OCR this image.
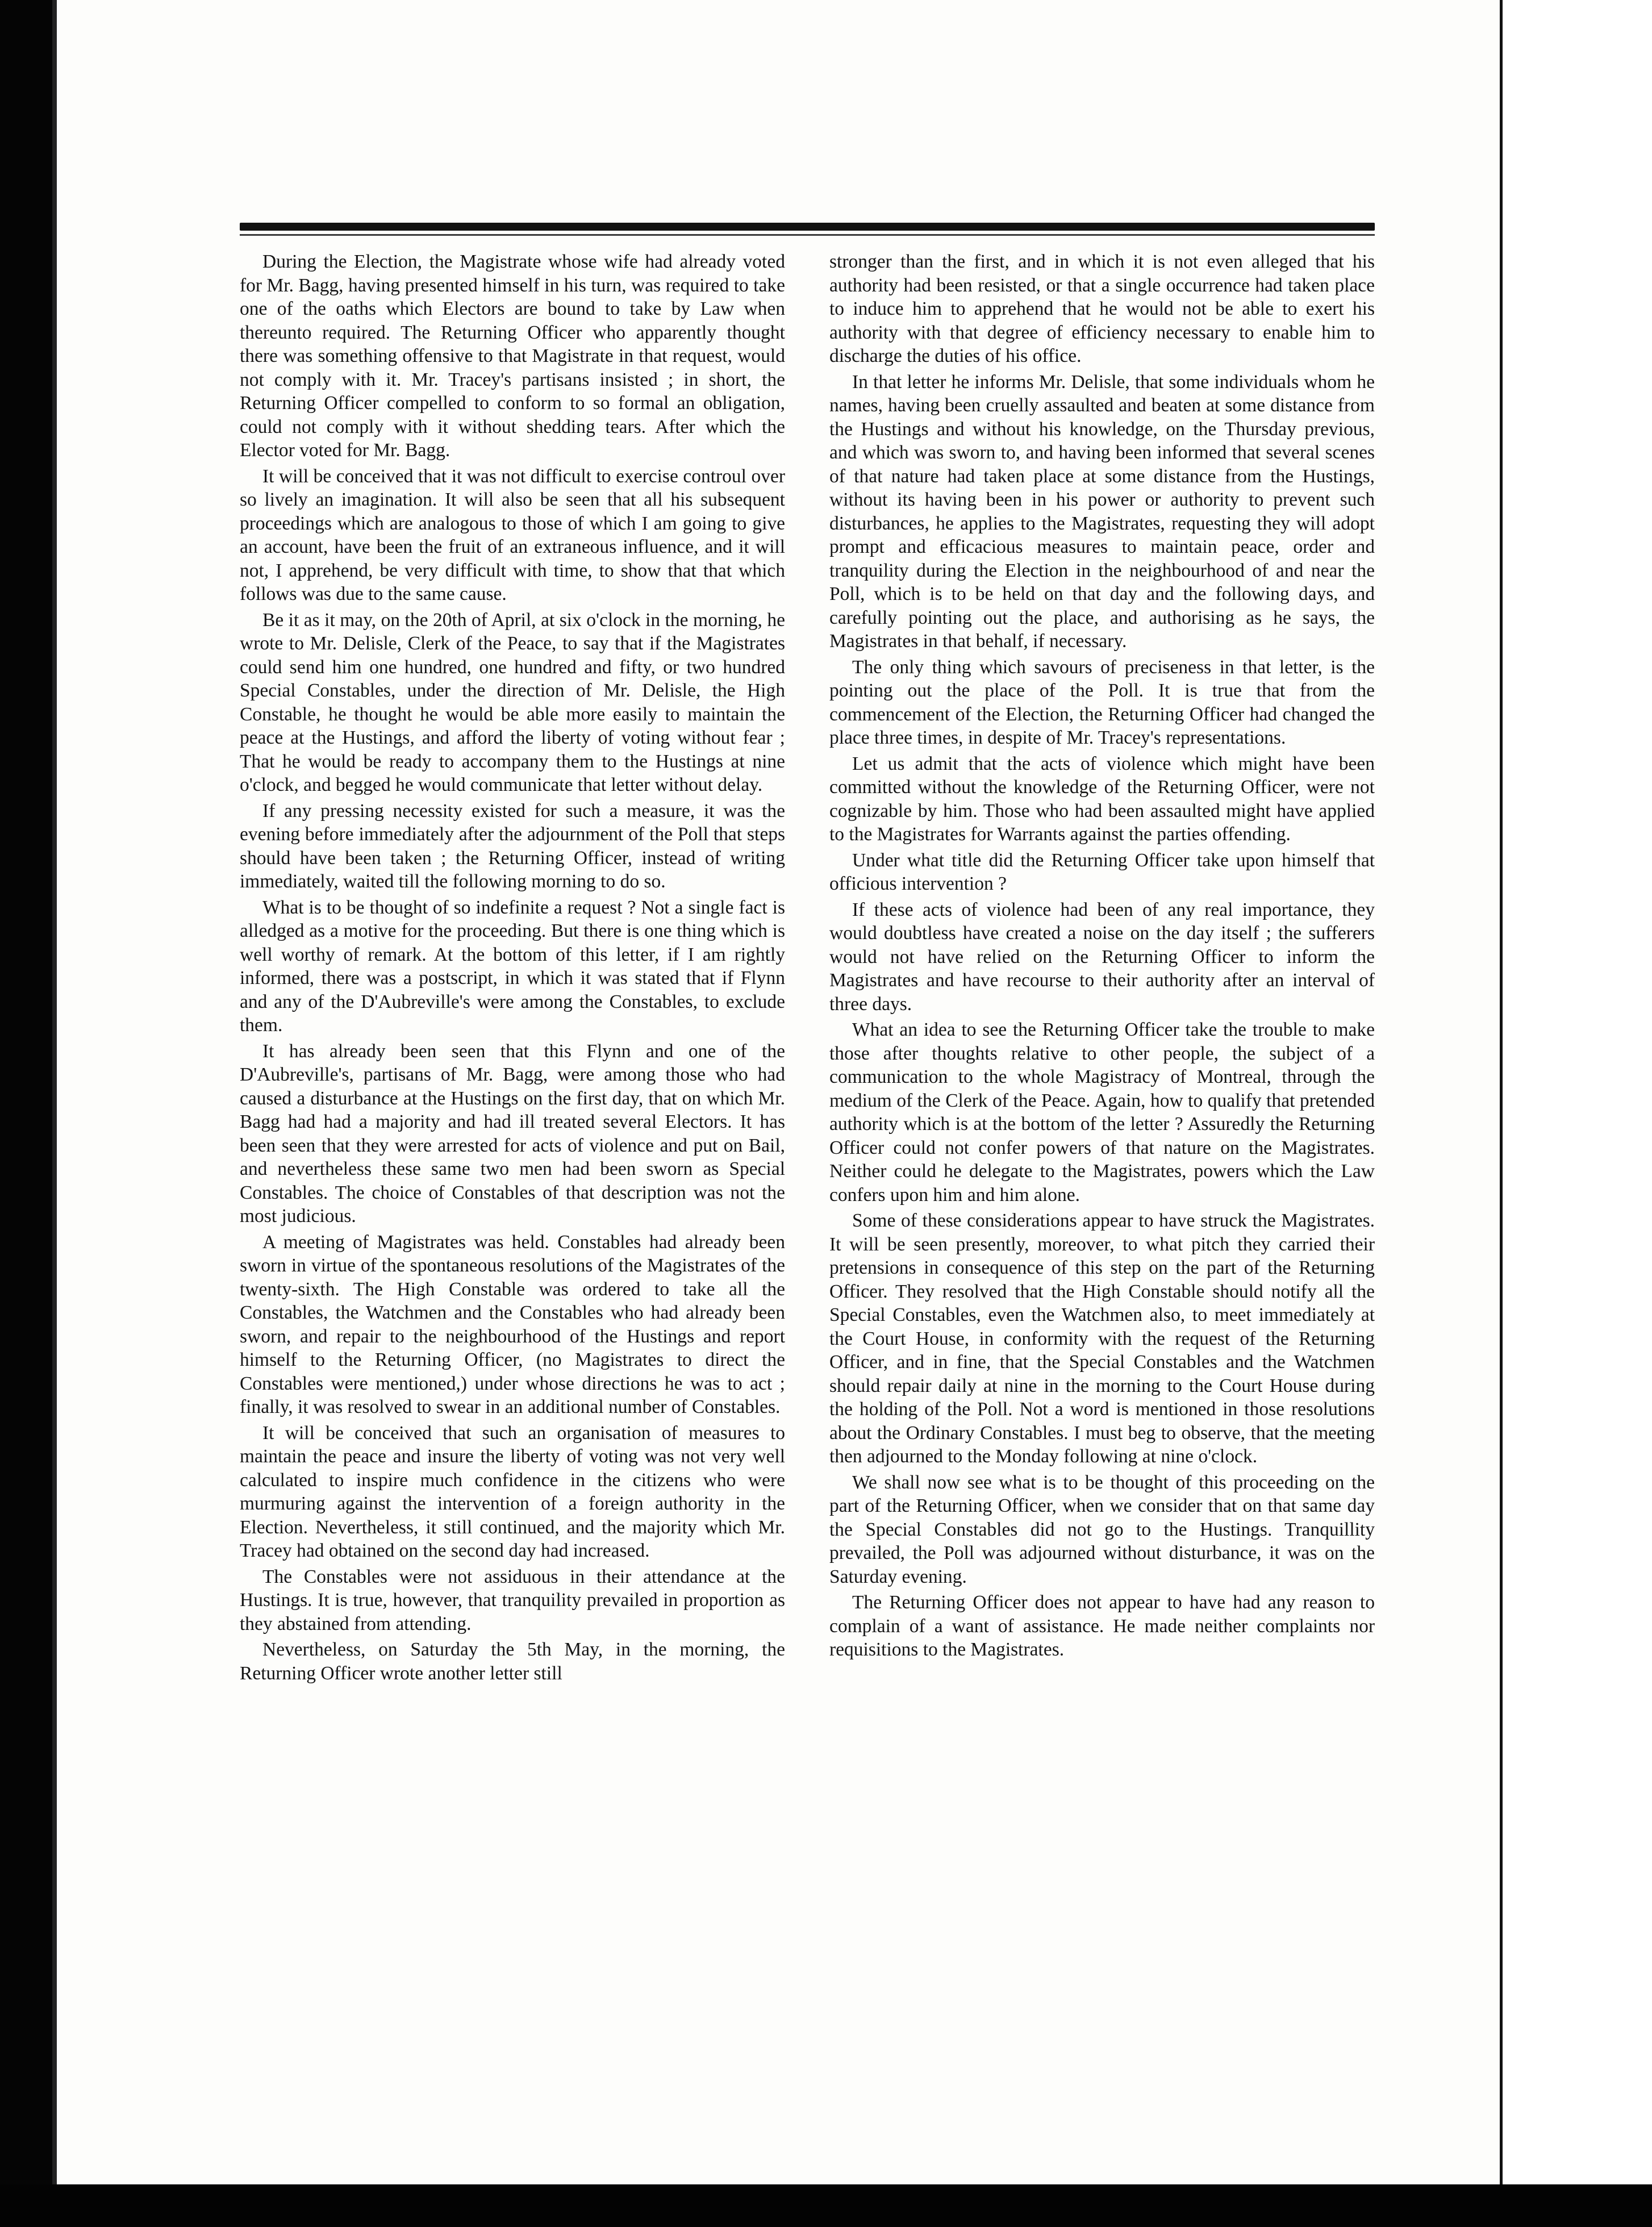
During the Election, the Magistrate whose wife had already voted for Mr. Bagg, having presented himself in his turn, was required to take one of the oaths which Electors are bound to take by Law when thereunto required. The Returning Officer who apparently thought there was something offensive to that Magistrate in that request, would not comply with it. Mr. Tracey's partisans insisted ; in short, the Returning Officer compelled to conform to so formal an obligation, could not comply with it without shedding tears. After which the Elector voted for Mr. Bagg.

It will be conceived that it was not difficult to exercise controul over so lively an imagination. It will also be seen that all his subsequent proceedings which are analogous to those of which I am going to give an account, have been the fruit of an extraneous influence, and it will not, I apprehend, be very difficult with time, to show that that which follows was due to the same cause.

Be it as it may, on the 20th of April, at six o'clock in the morning, he wrote to Mr. Delisle, Clerk of the Peace, to say that if the Magistrates could send him one hundred, one hundred and fifty, or two hundred Special Constables, under the direction of Mr. Delisle, the High Constable, he thought he would be able more easily to maintain the peace at the Hustings, and afford the liberty of voting without fear ; That he would be ready to accompany them to the Hustings at nine o'clock, and begged he would communicate that letter without delay.

If any pressing necessity existed for such a measure, it was the evening before immediately after the adjournment of the Poll that steps should have been taken ; the Returning Officer, instead of writing immediately, waited till the following morning to do so.

What is to be thought of so indefinite a request ? Not a single fact is alledged as a motive for the proceeding. But there is one thing which is well worthy of remark. At the bottom of this letter, if I am rightly informed, there was a postscript, in which it was stated that if Flynn and any of the D'Aubreville's were among the Constables, to exclude them.

It has already been seen that this Flynn and one of the D'Aubreville's, partisans of Mr. Bagg, were among those who had caused a disturbance at the Hustings on the first day, that on which Mr. Bagg had had a majority and had ill treated several Electors. It has been seen that they were arrested for acts of violence and put on Bail, and nevertheless these same two men had been sworn as Special Constables. The choice of Constables of that description was not the most judicious.

A meeting of Magistrates was held. Constables had already been sworn in virtue of the spontaneous resolutions of the Magistrates of the twenty-sixth. The High Constable was ordered to take all the Constables, the Watchmen and the Constables who had already been sworn, and repair to the neighbourhood of the Hustings and report himself to the Returning Officer, (no Magistrates to direct the Constables were mentioned,) under whose directions he was to act ; finally, it was resolved to swear in an additional number of Constables.

It will be conceived that such an organisation of measures to maintain the peace and insure the liberty of voting was not very well calculated to inspire much confidence in the citizens who were murmuring against the intervention of a foreign authority in the Election. Nevertheless, it still continued, and the majority which Mr. Tracey had obtained on the second day had increased.

The Constables were not assiduous in their attendance at the Hustings. It is true, however, that tranquility prevailed in proportion as they abstained from attending.

Nevertheless, on Saturday the 5th May, in the morning, the Returning Officer wrote another letter still

stronger than the first, and in which it is not even alleged that his authority had been resisted, or that a single occurrence had taken place to induce him to apprehend that he would not be able to exert his authority with that degree of efficiency necessary to enable him to discharge the duties of his office.

In that letter he informs Mr. Delisle, that some individuals whom he names, having been cruelly assaulted and beaten at some distance from the Hustings and without his knowledge, on the Thursday previous, and which was sworn to, and having been informed that several scenes of that nature had taken place at some distance from the Hustings, without its having been in his power or authority to prevent such disturbances, he applies to the Magistrates, requesting they will adopt prompt and efficacious measures to maintain peace, order and tranquility during the Election in the neighbourhood of and near the Poll, which is to be held on that day and the following days, and carefully pointing out the place, and authorising as he says, the Magistrates in that behalf, if necessary.

The only thing which savours of preciseness in that letter, is the pointing out the place of the Poll. It is true that from the commencement of the Election, the Returning Officer had changed the place three times, in despite of Mr. Tracey's representations.

Let us admit that the acts of violence which might have been committed without the knowledge of the Returning Officer, were not cognizable by him. Those who had been assaulted might have applied to the Magistrates for Warrants against the parties offending.

Under what title did the Returning Officer take upon himself that officious intervention ?

If these acts of violence had been of any real importance, they would doubtless have created a noise on the day itself ; the sufferers would not have relied on the Returning Officer to inform the Magistrates and have recourse to their authority after an interval of three days.

What an idea to see the Returning Officer take the trouble to make those after thoughts relative to other people, the subject of a communication to the whole Magistracy of Montreal, through the medium of the Clerk of the Peace. Again, how to qualify that pretended authority which is at the bottom of the letter ? Assuredly the Returning Officer could not confer powers of that nature on the Magistrates. Neither could he delegate to the Magistrates, powers which the Law confers upon him and him alone.

Some of these considerations appear to have struck the Magistrates. It will be seen presently, moreover, to what pitch they carried their pretensions in consequence of this step on the part of the Returning Officer. They resolved that the High Constable should notify all the Special Constables, even the Watchmen also, to meet immediately at the Court House, in conformity with the request of the Returning Officer, and in fine, that the Special Constables and the Watchmen should repair daily at nine in the morning to the Court House during the holding of the Poll. Not a word is mentioned in those resolutions about the Ordinary Constables. I must beg to observe, that the meeting then adjourned to the Monday following at nine o'clock.

We shall now see what is to be thought of this proceeding on the part of the Returning Officer, when we consider that on that same day the Special Constables did not go to the Hustings. Tranquillity prevailed, the Poll was adjourned without disturbance, it was on the Saturday evening.

The Returning Officer does not appear to have had any reason to complain of a want of assistance. He made neither complaints nor requisitions to the Magistrates.
